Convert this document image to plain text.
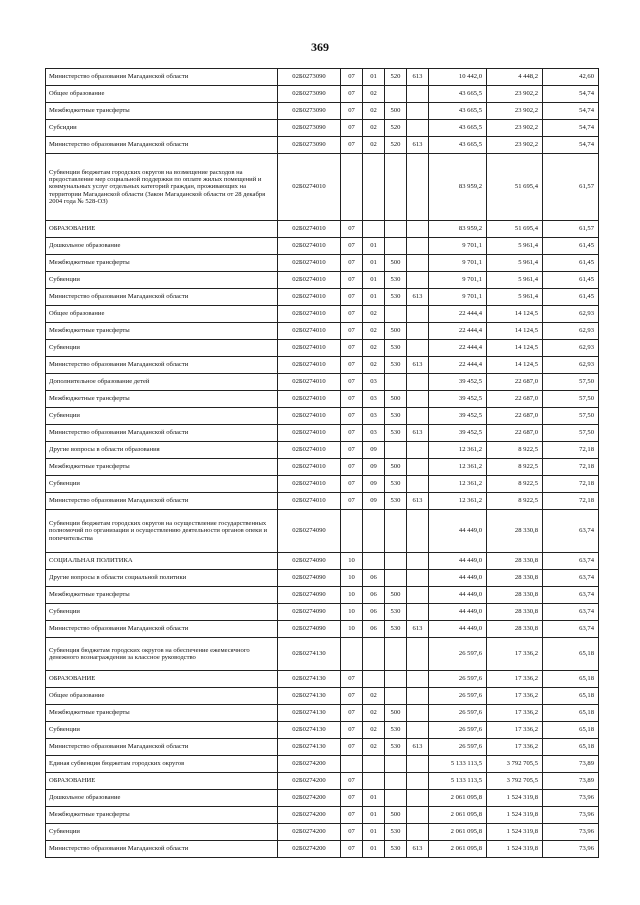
369
Министерство образования Магаданской области	02Б0273090	07	01	520	613	10 442,0	4 448,2	42,60
Общее образование	02Б0273090	07	02			43 665,5	23 902,2	54,74
Межбюджетные трансферты	02Б0273090	07	02	500		43 665,5	23 902,2	54,74
Субсидии	02Б0273090	07	02	520		43 665,5	23 902,2	54,74
Министерство образования Магаданской области	02Б0273090	07	02	520	613	43 665,5	23 902,2	54,74
Субвенции бюджетам городских округов на возмещение расходов на предоставление мер социальной поддержки по оплате жилых помещений и коммунальных услуг отдельных категорий граждан, проживающих на территории Магаданской области (Закон Магаданской области от 28 декабря 2004 года № 528-ОЗ)	02Б0274010					83 959,2	51 695,4	61,57
ОБРАЗОВАНИЕ	02Б0274010	07				83 959,2	51 695,4	61,57
Дошкольное образование	02Б0274010	07	01			9 701,1	5 961,4	61,45
Межбюджетные трансферты	02Б0274010	07	01	500		9 701,1	5 961,4	61,45
Субвенции	02Б0274010	07	01	530		9 701,1	5 961,4	61,45
Министерство образования Магаданской области	02Б0274010	07	01	530	613	9 701,1	5 961,4	61,45
Общее образование	02Б0274010	07	02			22 444,4	14 124,5	62,93
Межбюджетные трансферты	02Б0274010	07	02	500		22 444,4	14 124,5	62,93
Субвенции	02Б0274010	07	02	530		22 444,4	14 124,5	62,93
Министерство образования Магаданской области	02Б0274010	07	02	530	613	22 444,4	14 124,5	62,93
Дополнительное образование детей	02Б0274010	07	03			39 452,5	22 687,0	57,50
Межбюджетные трансферты	02Б0274010	07	03	500		39 452,5	22 687,0	57,50
Субвенции	02Б0274010	07	03	530		39 452,5	22 687,0	57,50
Министерство образования Магаданской области	02Б0274010	07	03	530	613	39 452,5	22 687,0	57,50
Другие вопросы в области образования	02Б0274010	07	09			12 361,2	8 922,5	72,18
Межбюджетные трансферты	02Б0274010	07	09	500		12 361,2	8 922,5	72,18
Субвенции	02Б0274010	07	09	530		12 361,2	8 922,5	72,18
Министерство образования Магаданской области	02Б0274010	07	09	530	613	12 361,2	8 922,5	72,18
Субвенции бюджетам городских округов на осуществление государственных полномочий по организации и осуществлению деятельности органов опеки и попечительства	02Б0274090					44 449,0	28 330,8	63,74
СОЦИАЛЬНАЯ ПОЛИТИКА	02Б0274090	10				44 449,0	28 330,8	63,74
Другие вопросы в области социальной политики	02Б0274090	10	06			44 449,0	28 330,8	63,74
Межбюджетные трансферты	02Б0274090	10	06	500		44 449,0	28 330,8	63,74
Субвенции	02Б0274090	10	06	530		44 449,0	28 330,8	63,74
Министерство образования Магаданской области	02Б0274090	10	06	530	613	44 449,0	28 330,8	63,74
Субвенция бюджетам городских округов на обеспечение ежемесячного денежного вознаграждения за классное руководство	02Б0274130					26 597,6	17 336,2	65,18
ОБРАЗОВАНИЕ	02Б0274130	07				26 597,6	17 336,2	65,18
Общее образование	02Б0274130	07	02			26 597,6	17 336,2	65,18
Межбюджетные трансферты	02Б0274130	07	02	500		26 597,6	17 336,2	65,18
Субвенции	02Б0274130	07	02	530		26 597,6	17 336,2	65,18
Министерство образования Магаданской области	02Б0274130	07	02	530	613	26 597,6	17 336,2	65,18
Единая субвенция бюджетам городских округов	02Б0274200					5 133 113,5	3 792 705,5	73,89
ОБРАЗОВАНИЕ	02Б0274200	07				5 133 113,5	3 792 705,5	73,89
Дошкольное образование	02Б0274200	07	01			2 061 095,8	1 524 319,8	73,96
Межбюджетные трансферты	02Б0274200	07	01	500		2 061 095,8	1 524 319,8	73,96
Субвенции	02Б0274200	07	01	530		2 061 095,8	1 524 319,8	73,96
Министерство образования Магаданской области	02Б0274200	07	01	530	613	2 061 095,8	1 524 319,8	73,96
